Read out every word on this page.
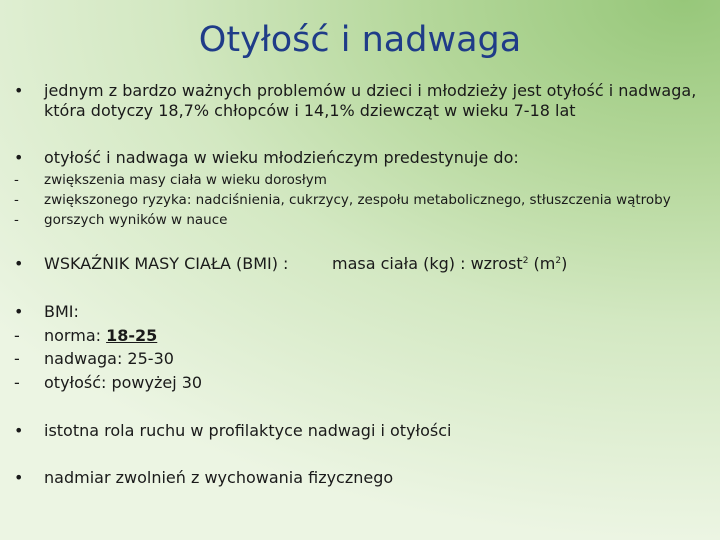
Otyłość i nadwaga
• jednym z bardzo ważnych problemów u dzieci i młodzieży jest otyłość i nadwaga,
która dotyczy 18,7% chłopców i 14,1% dziewcząt w wieku 7-18 lat
• otyłość i nadwaga w wieku młodzieńczym predestynuje do:
- zwiększenia masy ciała w wieku dorosłym
- zwiększonego ryzyka: nadciśnienia, cukrzycy, zespołu metabolicznego, stłuszczenia wątroby
- gorszych wyników w nauce
• WSKAŹNIK MASY CIAŁA (BMI) :	masa ciała (kg) : wzrost$^2$ $(m^2)$
• BMI:
- norma: 18-25
- nadwaga: 25-30
- otyłość: powyżej 30
• istotna rola ruchu w profilaktyce nadwagi i otyłości
• nadmiar zwolnień z wychowania fizycznego
